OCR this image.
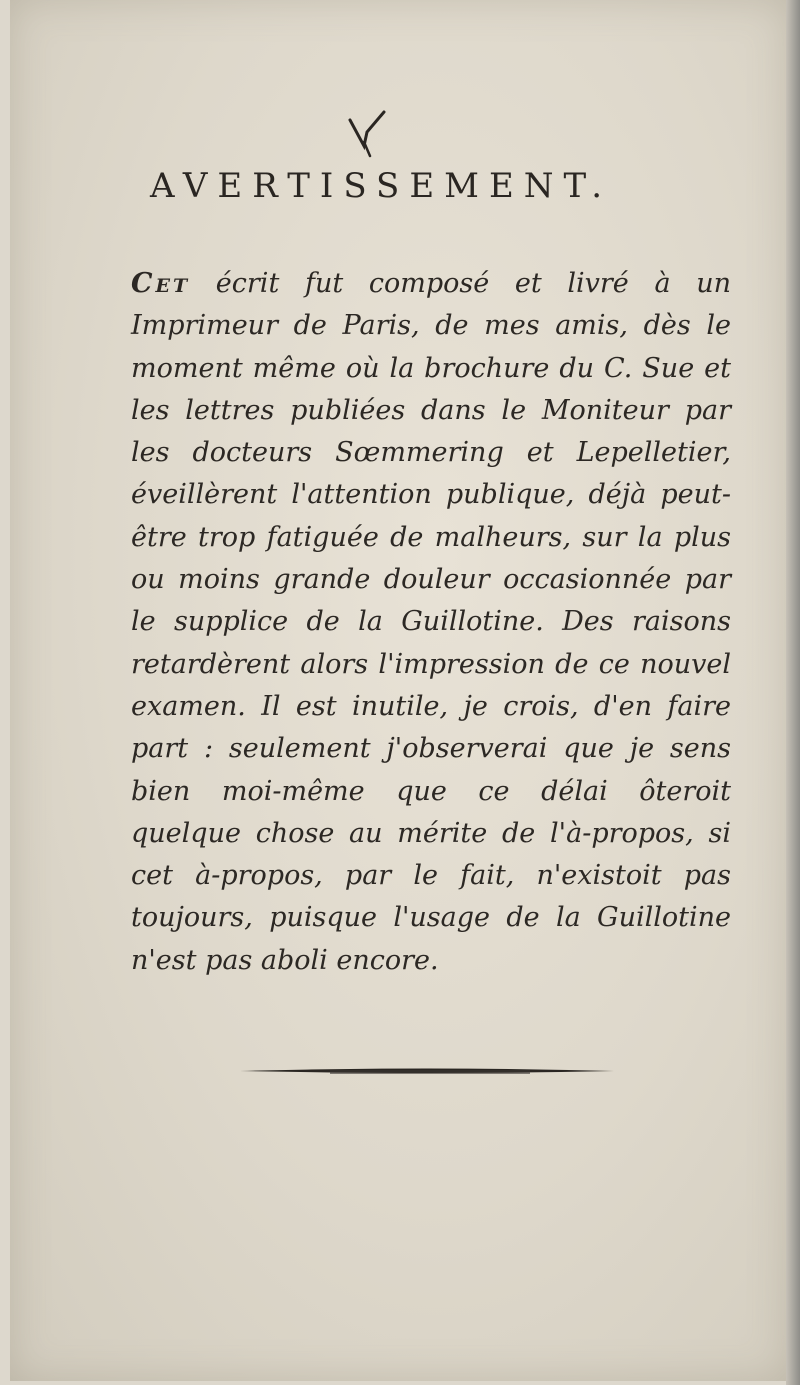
AVERTISSEMENT.
Cet écrit fut composé et livré à un Imprimeur de Paris, de mes amis, dès le moment même où la brochure du C. Sue et les lettres publiées dans le Moniteur par les docteurs Sœmmering et Lepelletier, éveillèrent l'attention publique, déjà peut-être trop fatiguée de malheurs, sur la plus ou moins grande douleur occasionnée par le supplice de la Guillotine. Des raisons retardèrent alors l'impression de ce nouvel examen. Il est inutile, je crois, d'en faire part : seulement j'observerai que je sens bien moi-même que ce délai ôteroit quelque chose au mérite de l'à-propos, si cet à-propos, par le fait, n'existoit pas toujours, puisque l'usage de la Guillotine n'est pas aboli encore.
